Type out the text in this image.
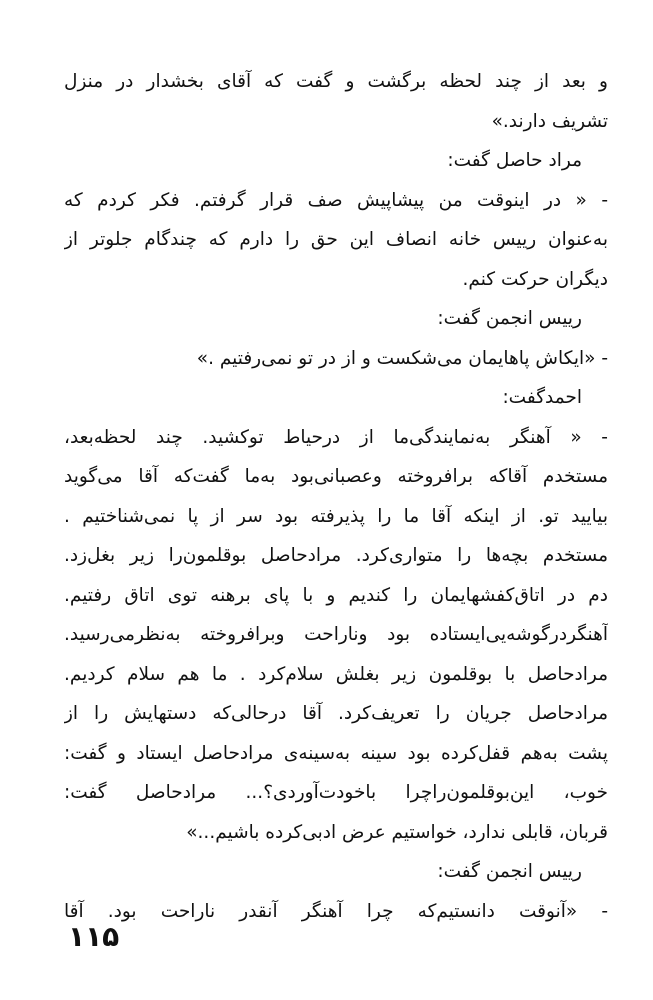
و بعد از چند لحظه برگشت و گفت که آقای بخشدار در منزل
تشریف دارند.»
مراد حاصل گفت:
- « در اینوقت من پیشاپیش صف قرار گرفتم. فکر کردم که
به‌عنوان رییس خانه انصاف این حق را دارم که چندگام جلوتر از
دیگران حرکت کنم.
رییس انجمن گفت:
- «ایکاش پاهایمان می‌شکست و از در تو نمی‌رفتیم .»
احمدگفت:
- « آهنگر به‌نمایندگی‌ما از درحیاط توکشید. چند لحظه‌بعد،
مستخدم آقاکه برافروخته وعصبانی‌بود به‌ما گفت‌که آقا می‌گوید
بیایید تو. از اینکه آقا ما را پذیرفته بود سر از پا نمی‌شناختیم .
مستخدم بچه‌ها را متواری‌کرد. مرادحاصل بوقلمون‌را زیر بغل‌زد.
دم در اتاق‌کفشهایمان را کندیم و با پای برهنه توی اتاق رفتیم.
آهنگردرگوشه‌یی‌ایستاده بود وناراحت وبرافروخته به‌نظرمی‌رسید.
مرادحاصل با بوقلمون زیر بغلش سلام‌کرد . ما هم سلام کردیم.
مرادحاصل جریان را تعریف‌کرد. آقا درحالی‌که دستهایش را از
پشت به‌هم قفل‌کرده بود سینه به‌سینه‌ی مرادحاصل ایستاد و گفت:
خوب، این‌بوقلمون‌راچرا باخودت‌آوردی؟... مرادحاصل گفت:
قربان، قابلی ندارد، خواستیم عرض ادبی‌کرده باشیم...»
رییس انجمن گفت:
- «آنوقت دانستیم‌که چرا آهنگر آنقدر ناراحت بود. آقا
۱۱۵
